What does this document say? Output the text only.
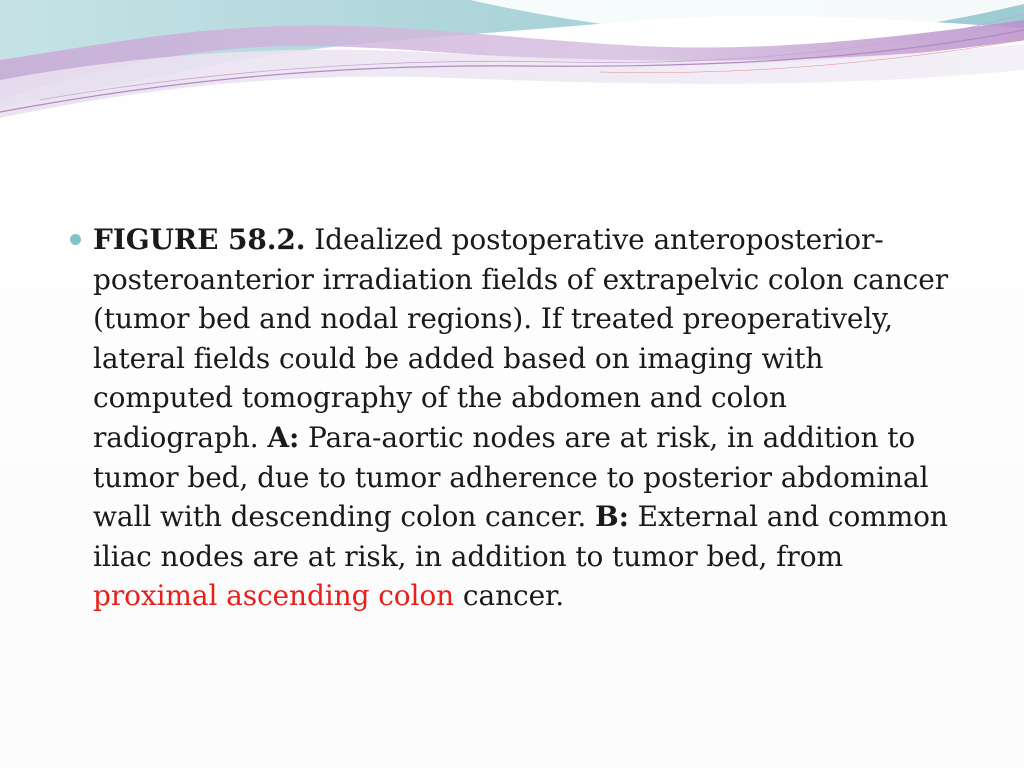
FIGURE 58.2. Idealized postoperative anteroposterior-posteroanterior irradiation fields of extrapelvic colon cancer (tumor bed and nodal regions). If treated preoperatively, lateral fields could be added based on imaging with computed tomography of the abdomen and colon radiograph. A: Para-aortic nodes are at risk, in addition to tumor bed, due to tumor adherence to posterior abdominal wall with descending colon cancer. B: External and common iliac nodes are at risk, in addition to tumor bed, from proximal ascending colon cancer.
